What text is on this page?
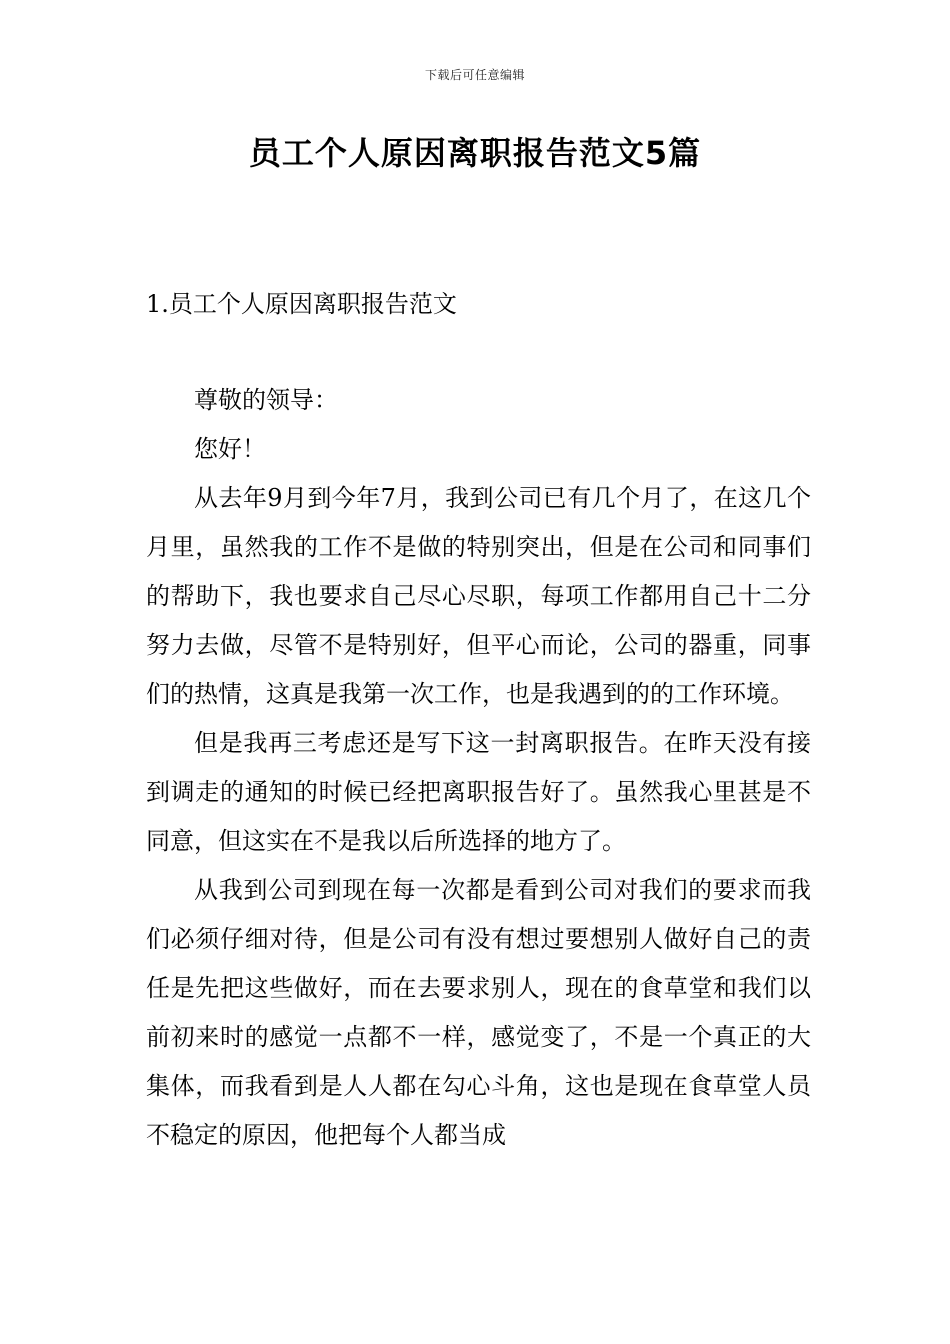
下载后可任意编辑
员工个人原因离职报告范文5篇
1.员工个人原因离职报告范文

尊敬的领导：

您好！

从去年9月到今年7月，我到公司已有几个月了，在这几个月里，虽然我的工作不是做的特别突出，但是在公司和同事们的帮助下，我也要求自己尽心尽职，每项工作都用自己十二分努力去做，尽管不是特别好，但平心而论，公司的器重，同事们的热情，这真是我第一次工作，也是我遇到的的工作环境。

但是我再三考虑还是写下这一封离职报告。在昨天没有接到调走的通知的时候已经把离职报告好了。虽然我心里甚是不同意，但这实在不是我以后所选择的地方了。

从我到公司到现在每一次都是看到公司对我们的要求而我们必须仔细对待，但是公司有没有想过要想别人做好自己的责任是先把这些做好，而在去要求别人，现在的食草堂和我们以前初来时的感觉一点都不一样，感觉变了，不是一个真正的大集体，而我看到是人人都在勾心斗角，这也是现在食草堂人员不稳定的原因，他把每个人都当成
